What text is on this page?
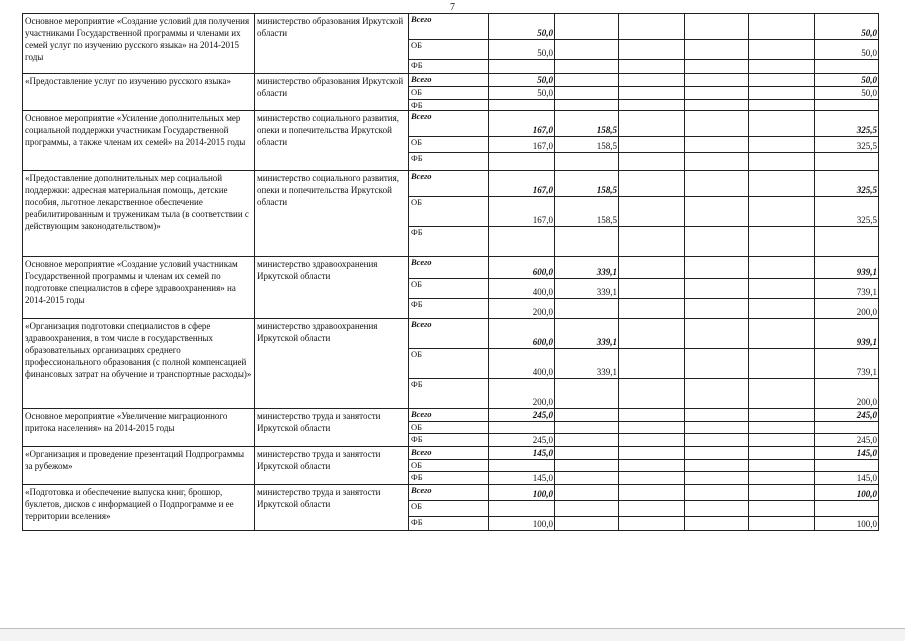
7
Основное мероприятие «Создание условий для получения участниками Государственной программы и членами их семей услуг по изучению русского языка» на 2014-2015 годы	министерство образования Иркутской области	Всего	50,0					50,0
		ОБ	50,0					50,0
		ФБ						
«Предоставление услуг по изучению русского языка»	министерство образования Иркутской области	Всего	50,0					50,0
		ОБ	50,0					50,0
		ФБ						
Основное мероприятие «Усиление дополнительных мер социальной поддержки участникам Государственной программы, а также членам их семей» на 2014-2015 годы	министерство социального развития, опеки и попечительства Иркутской области	Всего	167,0	158,5				325,5
		ОБ	167,0	158,5				325,5
		ФБ						
«Предоставление дополнительных мер социальной поддержки: адресная материальная помощь, детские пособия, льготное лекарственное обеспечение реабилитированным и труженикам тыла (в соответствии с действующим законодательством)»	министерство социального развития, опеки и попечительства Иркутской области	Всего	167,0	158,5				325,5
		ОБ	167,0	158,5				325,5
		ФБ						
Основное мероприятие «Создание условий участникам Государственной программы и членам их семей по подготовке специалистов в сфере здравоохранения» на 2014-2015 годы	министерство здравоохранения Иркутской области	Всего	600,0	339,1				939,1
		ОБ	400,0	339,1				739,1
		ФБ	200,0					200,0
«Организация подготовки специалистов в сфере здравоохранения, в том числе в государственных образовательных организациях среднего профессионального образования (с полной компенсацией финансовых затрат на обучение и транспортные расходы)»	министерство здравоохранения Иркутской области	Всего	600,0	339,1				939,1
		ОБ	400,0	339,1				739,1
		ФБ	200,0					200,0
Основное мероприятие «Увеличение миграционного притока населения» на 2014-2015 годы	министерство труда и занятости Иркутской области	Всего	245,0					245,0
		ОБ						
		ФБ	245,0					245,0
«Организация и проведение презентаций Подпрограммы за рубежом»	министерство труда и занятости Иркутской области	Всего	145,0					145,0
		ОБ						
		ФБ	145,0					145,0
«Подготовка и обеспечение выпуска книг, брошюр, буклетов, дисков с информацией о Подпрограмме и ее территории вселения»	министерство труда и занятости Иркутской области	Всего	100,0					100,0
		ОБ						
		ФБ	100,0					100,0
